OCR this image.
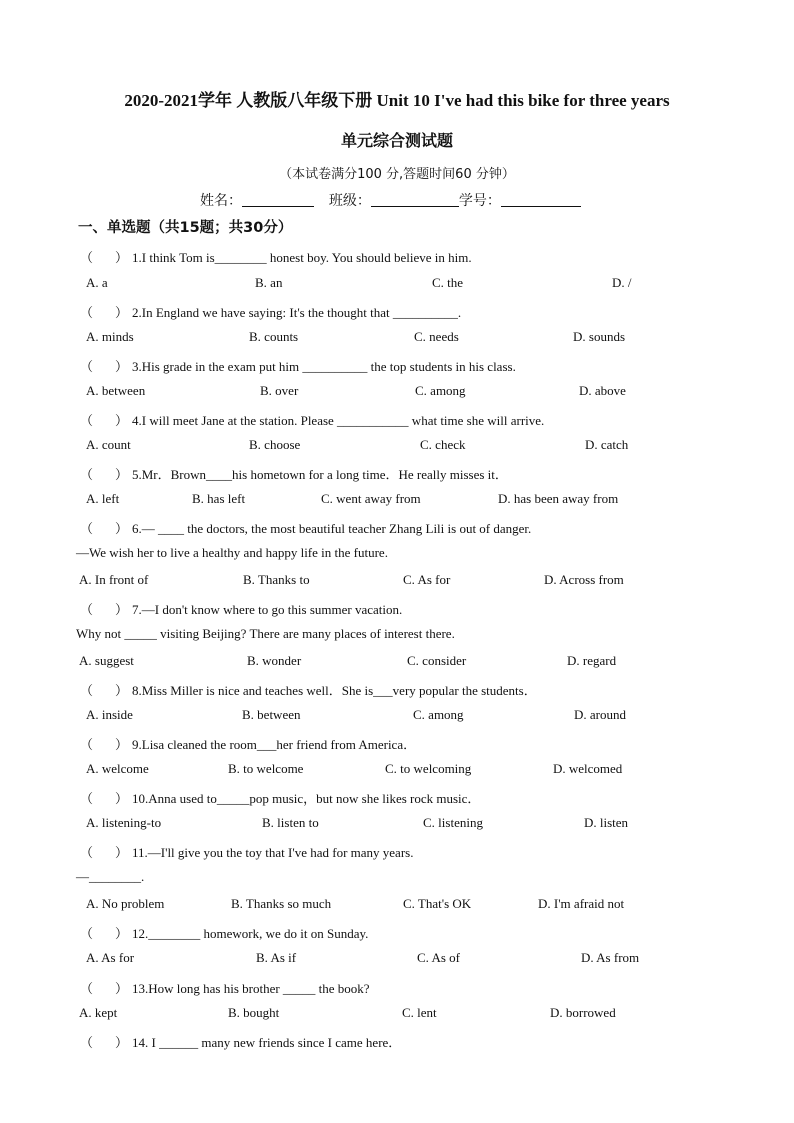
2020-2021学年 人教版八年级下册 Unit 10 I've had this bike for three years
单元综合测试题
（本试卷满分100 分,答题时间60 分钟）
姓名：	班级：	学号：
一、单选题（共15题；共30分）
（ ） 1.I think Tom is________ honest boy. You should believe in him.
A. a	B. an	C. the	D. /
（ ） 2.In England we have saying: It's the thought that __________.
A. minds	B. counts	C. needs	D. sounds
（ ） 3.His grade in the exam put him __________ the top students in his class.
A. between	B. over	C. among	D. above
（ ） 4.I will meet Jane at the station. Please ___________ what time she will arrive.
A. count	B. choose	C. check	D. catch
（ ） 5.Mr．Brown____his hometown for a long time．He really misses it．
A. left	B. has left	C. went away from	D. has been away from
（ ） 6.— ____ the doctors, the most beautiful teacher Zhang Lili is out of danger.
—We wish her to live a healthy and happy life in the future.
A. In front of	B. Thanks to	C. As for	D. Across from
（ ） 7.—I don't know where to go this summer vacation.
Why not _____ visiting Beijing? There are many places of interest there.
A. suggest	B. wonder	C. consider	D. regard
（ ） 8.Miss Miller is nice and teaches well．She is___very popular the students．
A. inside	B. between	C. among	D. around
（ ） 9.Lisa cleaned the room___her friend from America．
A. welcome	B. to welcome	C. to welcoming	D. welcomed
（ ） 10.Anna used to_____pop music，but now she likes rock music．
A. listening-to	B. listen to	C. listening	D. listen
（ ） 11.—I'll give you the toy that I've had for many years.
—________.
A. No problem	B. Thanks so much	C. That's OK	D. I'm afraid not
（ ） 12.________ homework, we do it on Sunday.
A. As for	B. As if	C. As of	D. As from
（ ） 13.How long has his brother _____ the book?
A. kept	B. bought	C. lent	D. borrowed
（ ） 14. I ______ many new friends since I came here．
